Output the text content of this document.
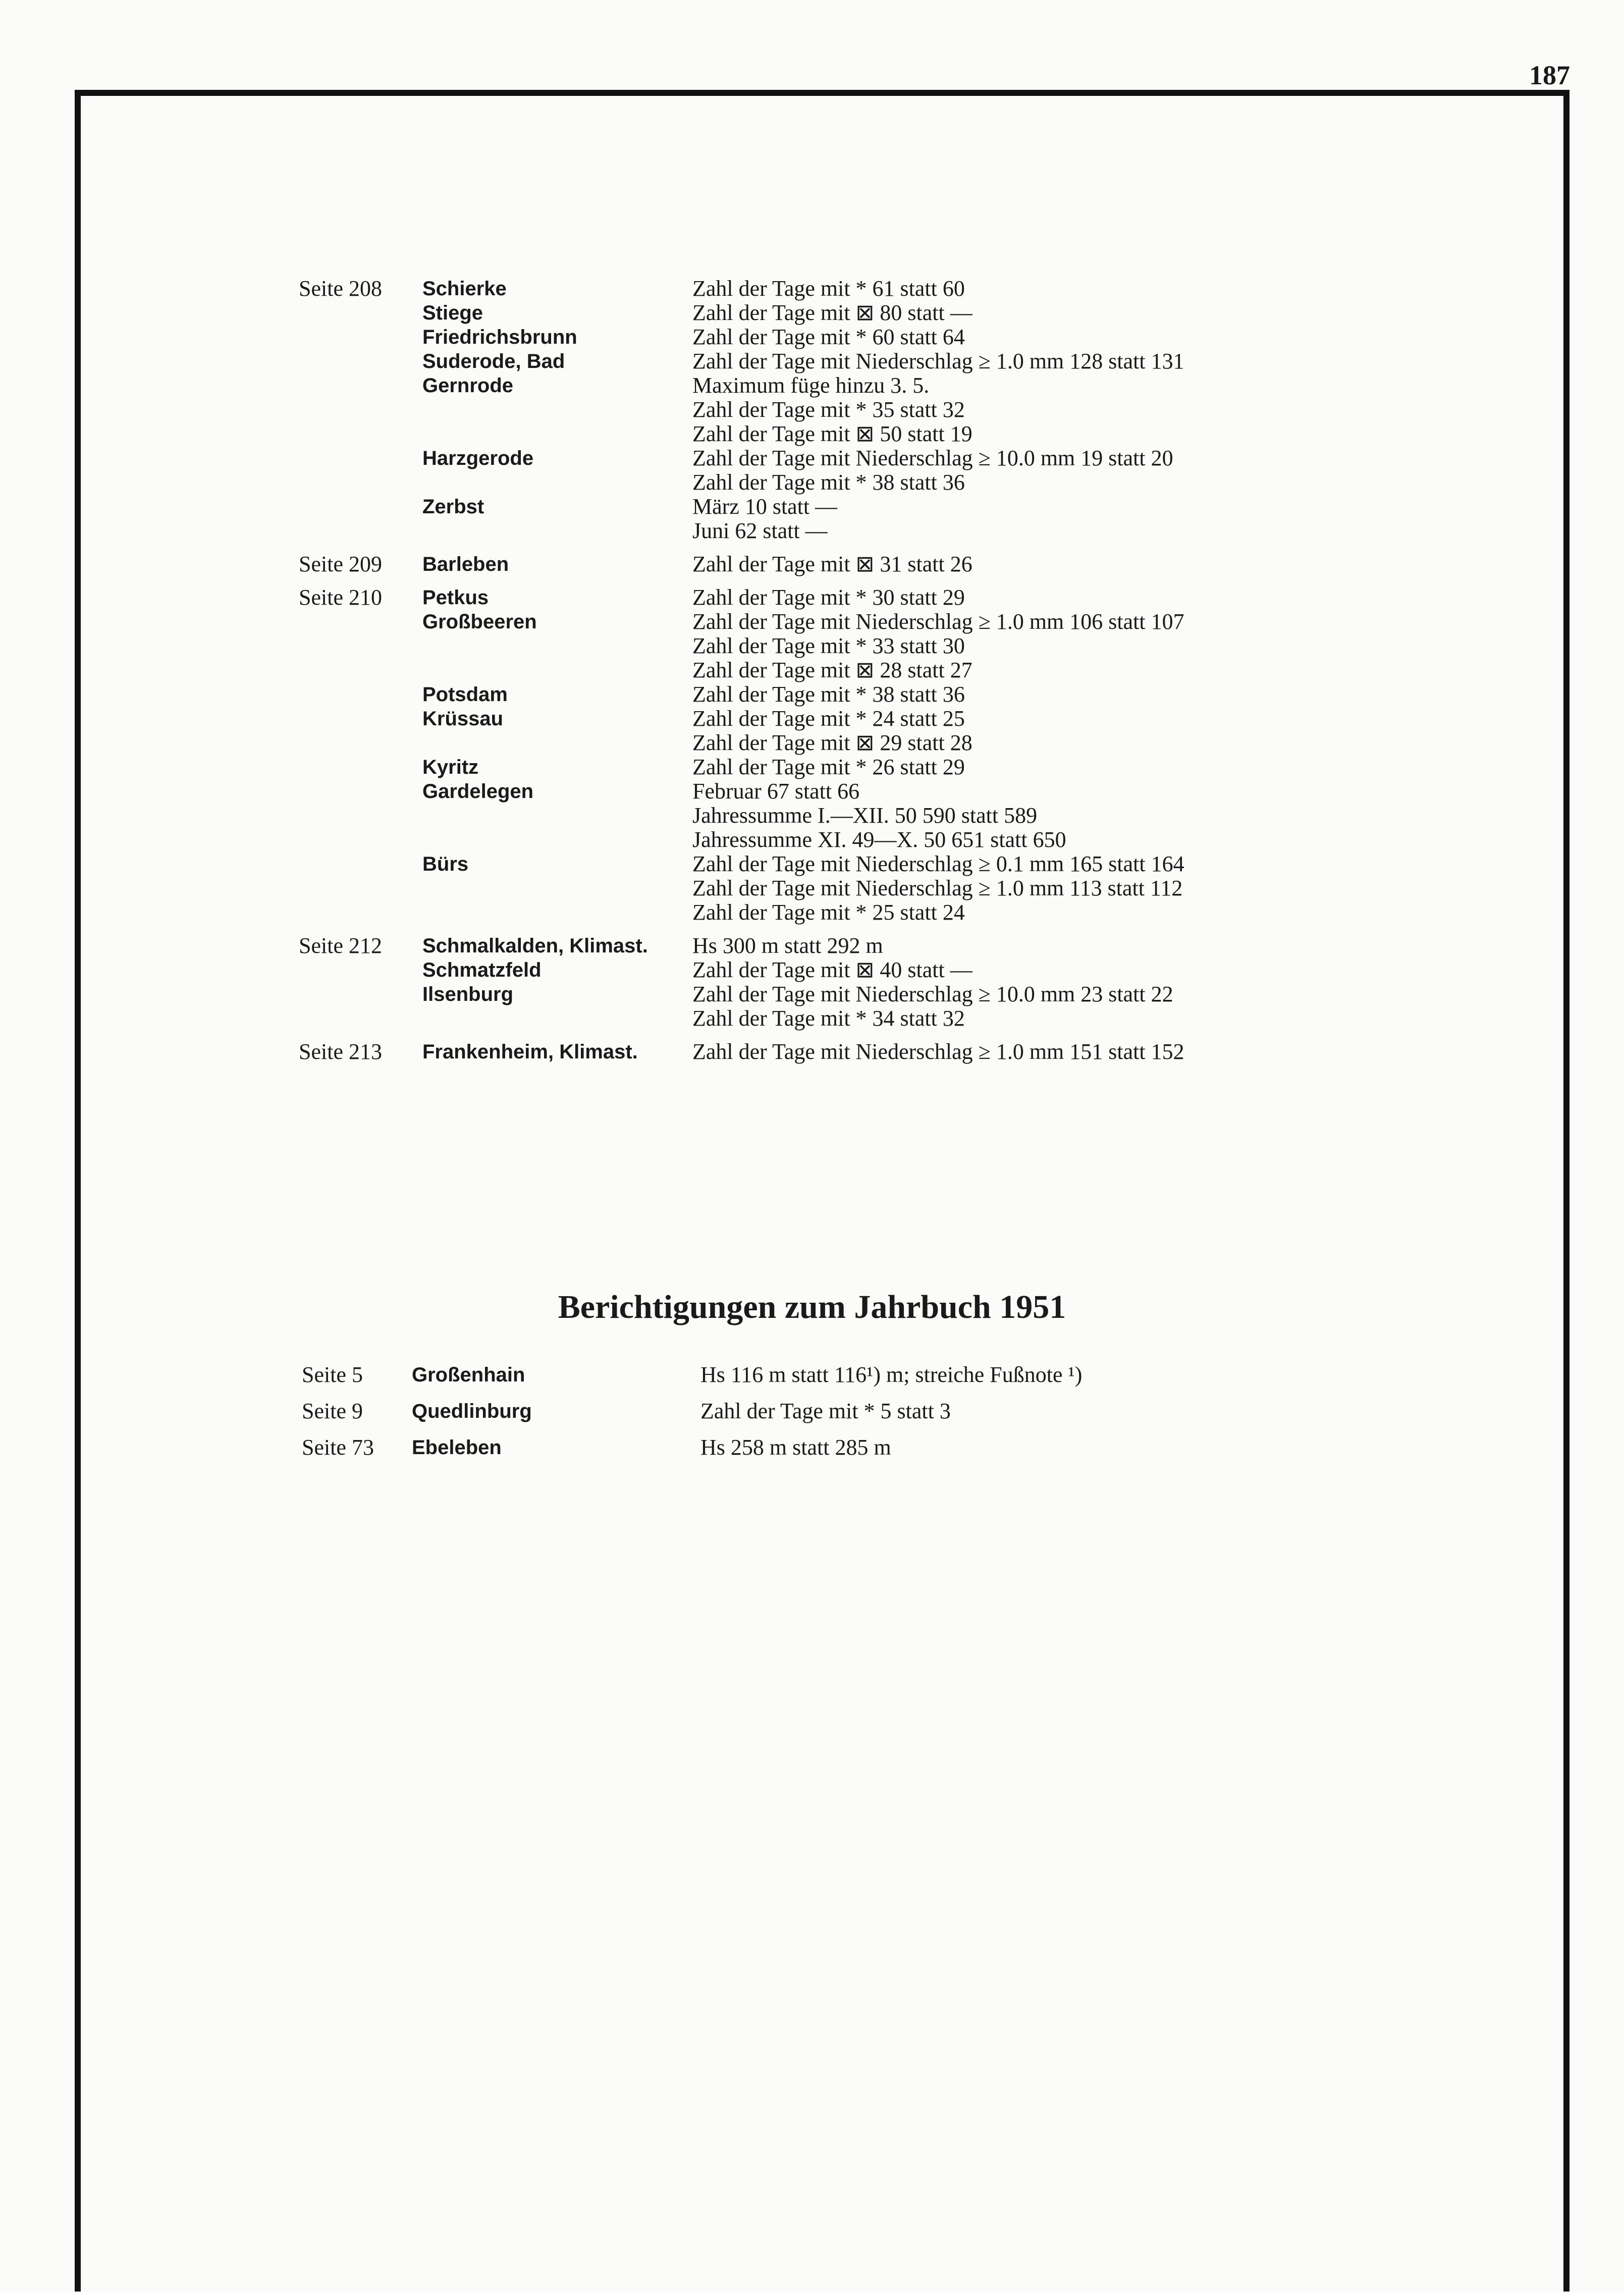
187
Seite 208	Schierke	Zahl der Tage mit * 61 statt 60
Stiege	Zahl der Tage mit ⊠ 80 statt —
Friedrichsbrunn	Zahl der Tage mit * 60 statt 64
Suderode, Bad	Zahl der Tage mit Niederschlag ≥ 1.0 mm 128 statt 131
Gernrode	Maximum füge hinzu 3. 5.
Zahl der Tage mit * 35 statt 32
Zahl der Tage mit ⊠ 50 statt 19
Harzgerode	Zahl der Tage mit Niederschlag ≥ 10.0 mm 19 statt 20
Zahl der Tage mit * 38 statt 36
Zerbst	März 10 statt —
Juni 62 statt —
Seite 209	Barleben	Zahl der Tage mit ⊠ 31 statt 26
Seite 210	Petkus	Zahl der Tage mit * 30 statt 29
Großbeeren	Zahl der Tage mit Niederschlag ≥ 1.0 mm 106 statt 107
Zahl der Tage mit * 33 statt 30
Zahl der Tage mit ⊠ 28 statt 27
Potsdam	Zahl der Tage mit * 38 statt 36
Krüssau	Zahl der Tage mit * 24 statt 25
Zahl der Tage mit ⊠ 29 statt 28
Kyritz	Zahl der Tage mit * 26 statt 29
Gardelegen	Februar 67 statt 66
Jahressumme I.—XII. 50 590 statt 589
Jahressumme XI. 49—X. 50 651 statt 650
Bürs	Zahl der Tage mit Niederschlag ≥ 0.1 mm 165 statt 164
Zahl der Tage mit Niederschlag ≥ 1.0 mm 113 statt 112
Zahl der Tage mit * 25 statt 24
Seite 212	Schmalkalden, Klimast.	Hs 300 m statt 292 m
Schmatzfeld	Zahl der Tage mit ⊠ 40 statt —
Ilsenburg	Zahl der Tage mit Niederschlag ≥ 10.0 mm 23 statt 22
Zahl der Tage mit * 34 statt 32
Seite 213	Frankenheim, Klimast.	Zahl der Tage mit Niederschlag ≥ 1.0 mm 151 statt 152
Berichtigungen zum Jahrbuch 1951
Seite 5	Großenhain	Hs 116 m statt 116¹) m; streiche Fußnote ¹)
Seite 9	Quedlinburg	Zahl der Tage mit * 5 statt 3
Seite 73	Ebeleben	Hs 258 m statt 285 m
